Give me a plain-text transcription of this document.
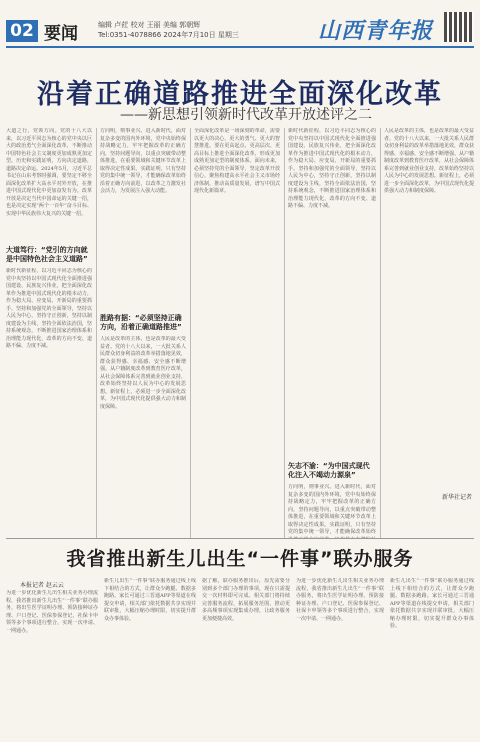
02 要闻	编辑 卢荭 校对 王丽 美编 郭朝辉
Tel:0351-4078866 2024年7月10日 星期三	山西青年报
沿着正确道路推进全面深化改革
——新思想引领新时代改革开放述评之二
大道之行，党领方向。党的十八大以来，以习近平同志为核心的党中央以巨大的政治勇气全面深化改革，不断推动中国特色社会主义制度更加成熟更加定型。历史和实践证明，方向决定道路，道路决定命运。2024年5月，习近平总书记在山东考察时强调，要坚定不移全面深化改革扩大高水平对外开放，在推进中国式现代化中更加奋发有为。改革开放是决定当代中国命运的关键一招，也是决定实现“两个一百年”奋斗目标、实现中华民族伟大复兴的关键一招。
大道笃行：“党引的方向就是中国特色社会主义道路”
新时代新征程，以习近平同志为核心的党中央坚持以中国式现代化全面推进强国建设、民族复兴伟业，把全面深化改革作为推进中国式现代化的根本动力，作为稳大局、应变局、开新局的重要抓手。坚持和加强党的全面领导，坚持以人民为中心，坚持守正创新，坚持以制度建设为主线，坚持全面依法治国，坚持系统观念，不断推进国家治理体系和治理能力现代化，改革的方向不变、道路不偏、力度不减。
方向明，则事业兴。进入新时代，面对复杂多变的国内外环境，党中央始终保持战略定力，牢牢把握改革的正确方向，坚持问题导向，以重点突破带动整体推进，在重要领域和关键环节改革上取得决定性成果。实践证明，只有坚持党的集中统一领导，才能确保改革始终沿着正确方向前进，以改革之力激发社会活力，为发展注入强大动能。
胜路有据：“必须坚持正确方向，沿着正确道路推进”
人民是改革的主体，也是改革的最大受益者。党的十八大以来，一大批关系人民群众切身利益的改革举措落地见效，群众获得感、幸福感、安全感不断增强。从户籍制度改革到教育医疗改革，从社会保障体系完善到就业创业支持，改革始终坚持以人民为中心的发展思想。新征程上，必须进一步全面深化改革，为中国式现代化提供强大动力和制度保障。
全面深化改革是一场深刻的革命，需要以更大的决心、更大的勇气、更大的智慧推进。要在更高起点、更高层次、更高目标上推进全面深化改革，形成更加成熟更加定型的制度体系。面向未来，必须坚持党的全面领导，坚定改革开放信心，聚焦构建高水平社会主义市场经济体制，推动高质量发展，谱写中国式现代化新篇章。
新时代新征程，以习近平同志为核心的党中央坚持以中国式现代化全面推进强国建设、民族复兴伟业，把全面深化改革作为推进中国式现代化的根本动力，作为稳大局、应变局、开新局的重要抓手。坚持和加强党的全面领导，坚持以人民为中心，坚持守正创新，坚持以制度建设为主线，坚持全面依法治国，坚持系统观念，不断推进国家治理体系和治理能力现代化，改革的方向不变、道路不偏、力度不减。
矢志不渝：“为中国式现代化注入不竭动力源泉”
方向明，则事业兴。进入新时代，面对复杂多变的国内外环境，党中央始终保持战略定力，牢牢把握改革的正确方向，坚持问题导向，以重点突破带动整体推进，在重要领域和关键环节改革上取得决定性成果。实践证明，只有坚持党的集中统一领导，才能确保改革始终
人民是改革的主体，也是改革的最大受益者。党的十八大以来，一大批关系人民群众切身利益的改革举措落地见效，群众获得感、幸福感、安全感不断增强。从户籍制度改革到教育医疗改革，从社会保障体系完善到就业创业支持，改革始终坚持以人民为中心的发展思想。新征程上，必须进一步全面深化改革，为中国式现代化提供强大动力和制度保障。
新华社记者
我省推出新生儿出生“一件事”联办服务
本报记者 赵云云
为进一步优化新生儿出生相关业务办理流程，我省推出新生儿出生“一件事”联办服务，将出生医学证明办理、预防接种证办理、户口登记、医保参保登记、社保卡申领等多个事项进行整合，实现一次申请、一网通办。
新生儿出生“一件事”联办服务通过线上线下相结合的方式，让群众少跑腿、数据多跑路。家长可通过三晋通APP等渠道在线提交申请，相关部门依托数据共享实现并联审批，大幅压缩办理时限，切实提升群众办事体验。
据了解，联办服务推出后，原先需要分别到多个部门办理的事项，现在只需提交一次材料即可完成。相关部门将持续完善服务流程，拓展服务范围，推动更多高频事项实现集成办理，让政务服务更加便捷高效。
为进一步优化新生儿出生相关业务办理流程，我省推出新生儿出生“一件事”联办服务，将出生医学证明办理、预防接种证办理、户口登记、医保参保登记、社保卡申领等多个事项进行整合，实现一次申请、一网通办。
新生儿出生“一件事”联办服务通过线上线下相结合的方式，让群众少跑腿、数据多跑路。家长可通过三晋通APP等渠道在线提交申请，相关部门依托数据共享实现并联审批，大幅压缩办理时限，切实提升群众办事体验。
